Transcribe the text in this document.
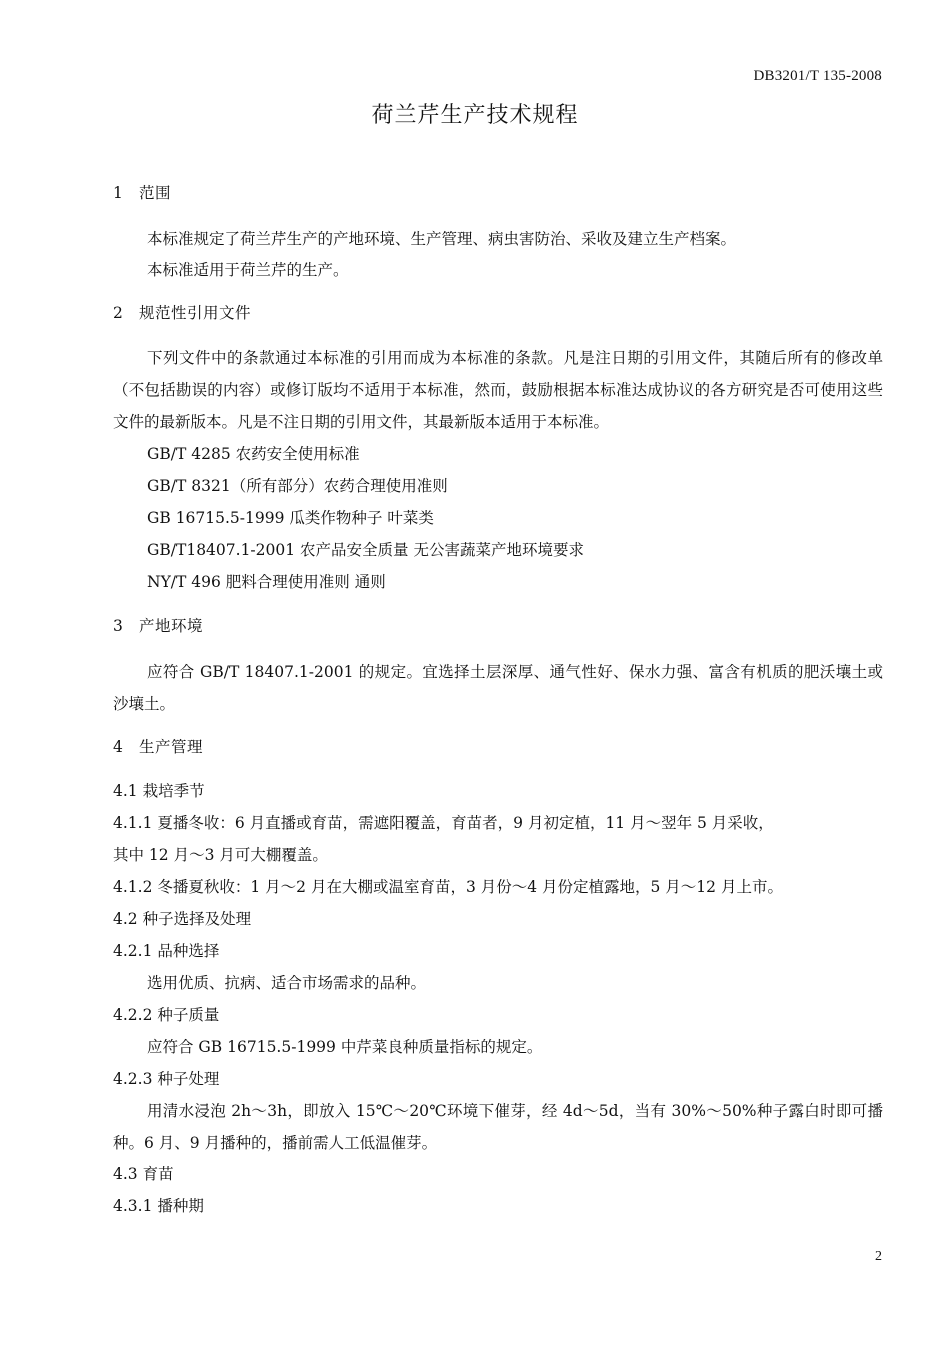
DB3201/T 135-2008
荷兰芹生产技术规程
1 范围
本标准规定了荷兰芹生产的产地环境、生产管理、病虫害防治、采收及建立生产档案。
本标准适用于荷兰芹的生产。
2 规范性引用文件
下列文件中的条款通过本标准的引用而成为本标准的条款。凡是注日期的引用文件，其随后所有的修改单（不包括勘误的内容）或修订版均不适用于本标准，然而，鼓励根据本标准达成协议的各方研究是否可使用这些文件的最新版本。凡是不注日期的引用文件，其最新版本适用于本标准。
GB/T 4285 农药安全使用标准
GB/T 8321（所有部分）农药合理使用准则
GB 16715.5-1999 瓜类作物种子 叶菜类
GB/T18407.1-2001 农产品安全质量 无公害蔬菜产地环境要求
NY/T 496 肥料合理使用准则 通则
3 产地环境
应符合 GB/T 18407.1-2001 的规定。宜选择土层深厚、通气性好、保水力强、富含有机质的肥沃壤土或沙壤土。
4 生产管理
4.1 栽培季节
4.1.1 夏播冬收：6 月直播或育苗，需遮阳覆盖，育苗者，9 月初定植，11 月～翌年 5 月采收，
其中 12 月～3 月可大棚覆盖。
4.1.2 冬播夏秋收：1 月～2 月在大棚或温室育苗，3 月份～4 月份定植露地，5 月～12 月上市。
4.2 种子选择及处理
4.2.1 品种选择
选用优质、抗病、适合市场需求的品种。
4.2.2 种子质量
应符合 GB 16715.5-1999 中芹菜良种质量指标的规定。
4.2.3 种子处理
用清水浸泡 2h～3h，即放入 15℃～20℃环境下催芽，经 4d～5d，当有 30%～50%种子露白时即可播种。6 月、9 月播种的，播前需人工低温催芽。
4.3 育苗
4.3.1 播种期
2
